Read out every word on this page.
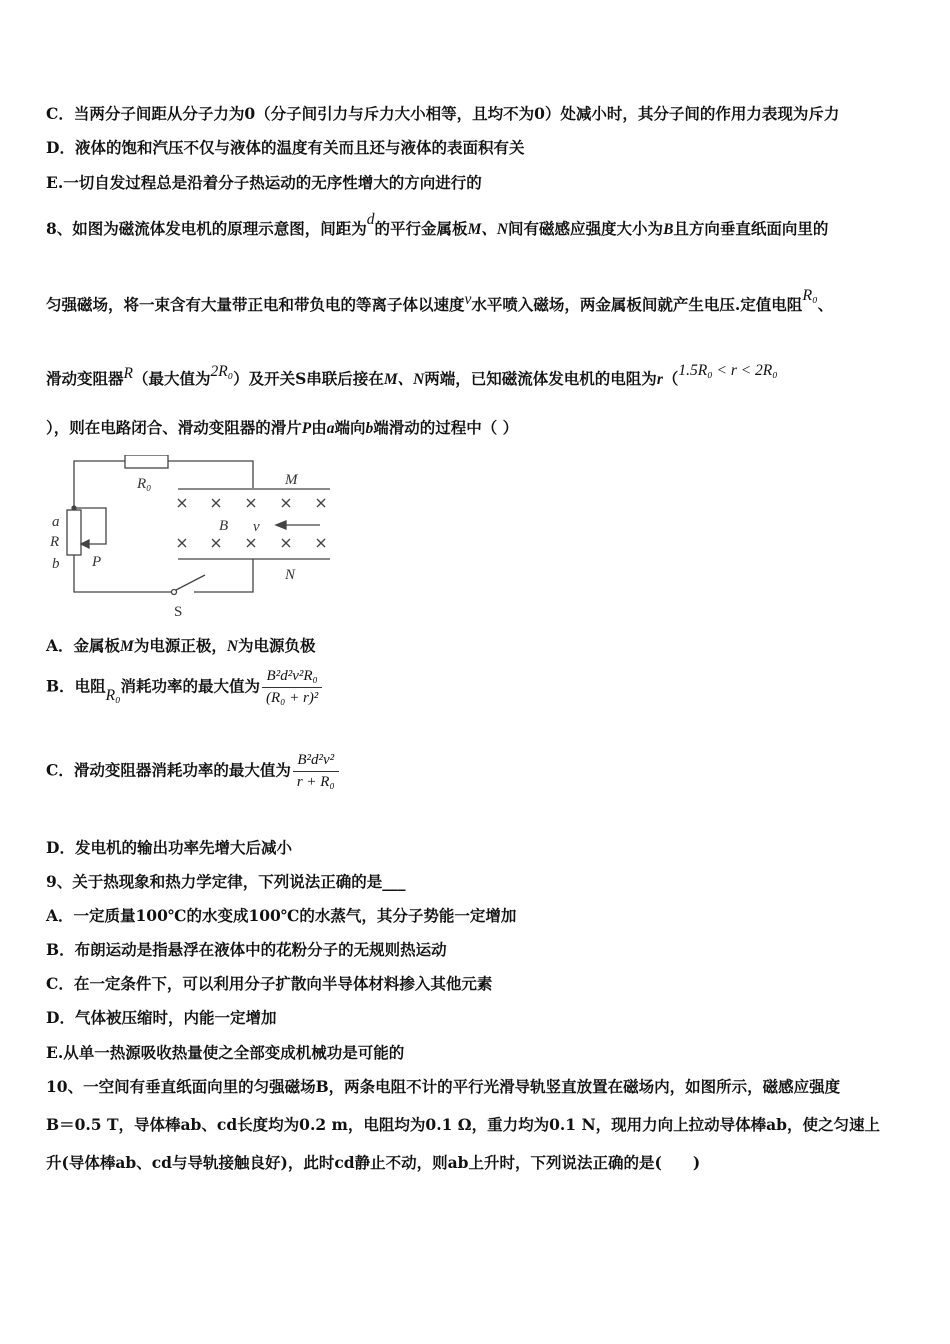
C．当两分子间距从分子力为0（分子间引力与斥力大小相等，且均不为0）处减小时，其分子间的作用力表现为斥力
D．液体的饱和汽压不仅与液体的温度有关而且还与液体的表面积有关
E.一切自发过程总是沿着分子热运动的无序性增大的方向进行的
8、如图为磁流体发电机的原理示意图，间距为d的平行金属板M、N间有磁感应强度大小为B且方向垂直纸面向里的
匀强磁场，将一束含有大量带正电和带负电的等离子体以速度v水平喷入磁场，两金属板间就产生电压.定值电阻R₀、
滑动变阻器R（最大值为2R₀）及开关S串联后接在M、N两端，已知磁流体发电机的电阻为r（1.5R₀ < r < 2R₀
），则在电路闭合、滑动变阻器的滑片P由a端向b端滑动的过程中（ ）
R₀	M
N
a
R
b P
B v
S
A．金属板M为电源正极，N为电源负极
B．电阻R₀消耗功率的最大值为 $\frac{\text{B²d²v²R₀}}{\text{(R₀ + r)²}}$
C．滑动变阻器消耗功率的最大值为 $\frac{\text{B²d²v²}}{\text{r + R₀}}$
D．发电机的输出功率先增大后减小
9、关于热现象和热力学定律，下列说法正确的是___
A．一定质量100℃的水变成100℃的水蒸气，其分子势能一定增加
B．布朗运动是指悬浮在液体中的花粉分子的无规则热运动
C．在一定条件下，可以利用分子扩散向半导体材料掺入其他元素
D．气体被压缩时，内能一定增加
E.从单一热源吸收热量使之全部变成机械功是可能的
10、一空间有垂直纸面向里的匀强磁场B，两条电阻不计的平行光滑导轨竖直放置在磁场内，如图所示，磁感应强度
B＝0.5 T，导体棒ab、cd长度均为0.2 m，电阻均为0.1 Ω，重力均为0.1 N，现用力向上拉动导体棒ab，使之匀速上
升(导体棒ab、cd与导轨接触良好)，此时cd静止不动，则ab上升时，下列说法正确的是(　　)
